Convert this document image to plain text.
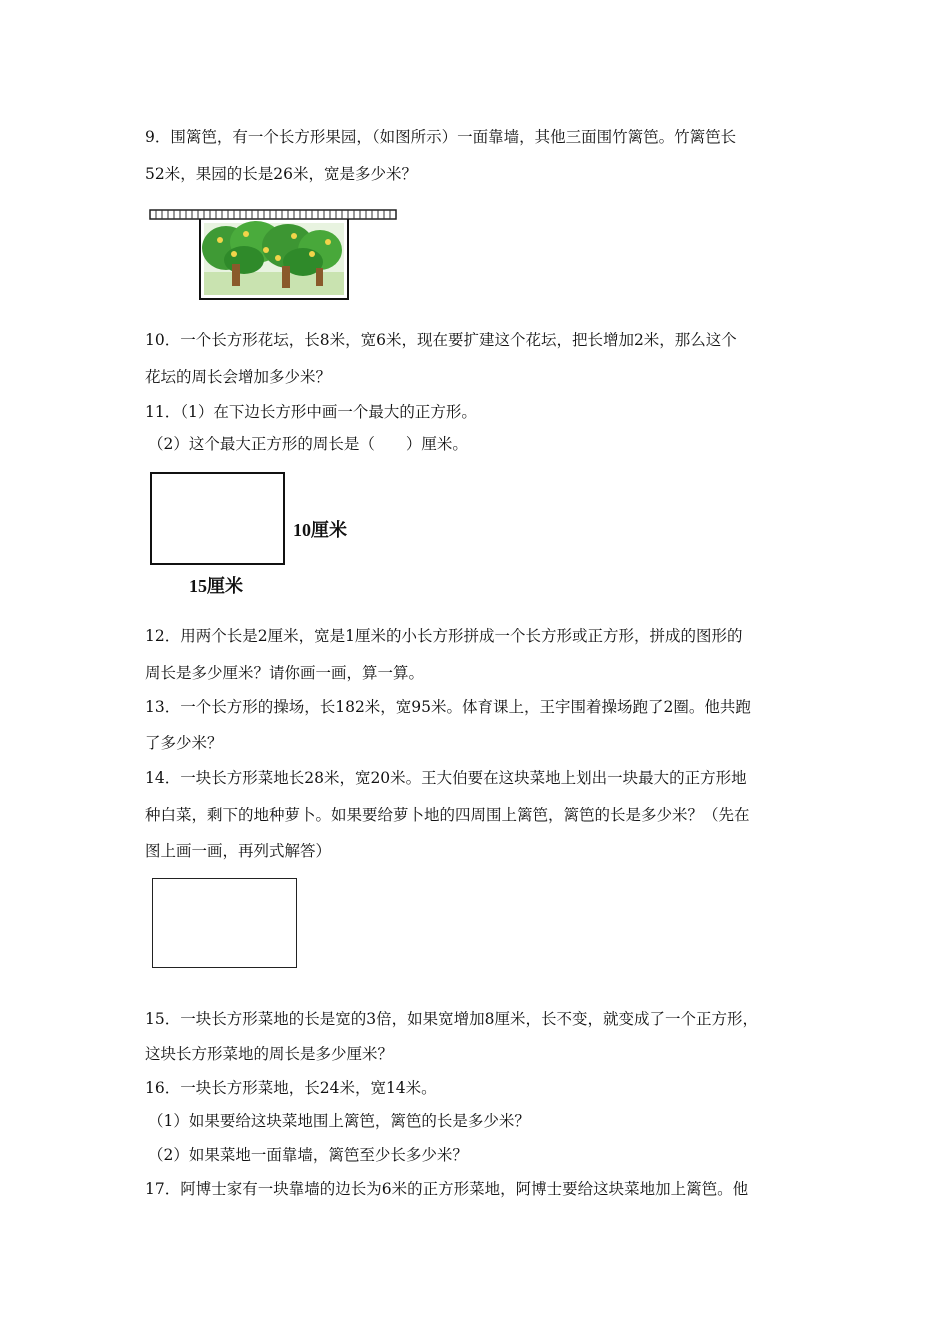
9．围篱笆，有一个长方形果园，（如图所示）一面靠墙，其他三面围竹篱笆。竹篱笆长
52米，果园的长是26米，宽是多少米？
10．一个长方形花坛，长8米，宽6米，现在要扩建这个花坛，把长增加2米，那么这个
花坛的周长会增加多少米？
11．（1）在下边长方形中画一个最大的正方形。
（2）这个最大正方形的周长是（　　）厘米。
10厘米
15厘米
12．用两个长是2厘米，宽是1厘米的小长方形拼成一个长方形或正方形，拼成的图形的
周长是多少厘米？请你画一画，算一算。
13．一个长方形的操场，长182米，宽95米。体育课上，王宇围着操场跑了2圈。他共跑
了多少米？
14．一块长方形菜地长28米，宽20米。王大伯要在这块菜地上划出一块最大的正方形地
种白菜，剩下的地种萝卜。如果要给萝卜地的四周围上篱笆，篱笆的长是多少米？（先在
图上画一画，再列式解答）
15．一块长方形菜地的长是宽的3倍，如果宽增加8厘米，长不变，就变成了一个正方形，
这块长方形菜地的周长是多少厘米？
16．一块长方形菜地，长24米，宽14米。
（1）如果要给这块菜地围上篱笆，篱笆的长是多少米？
（2）如果菜地一面靠墙，篱笆至少长多少米？
17．阿博士家有一块靠墙的边长为6米的正方形菜地，阿博士要给这块菜地加上篱笆。他
